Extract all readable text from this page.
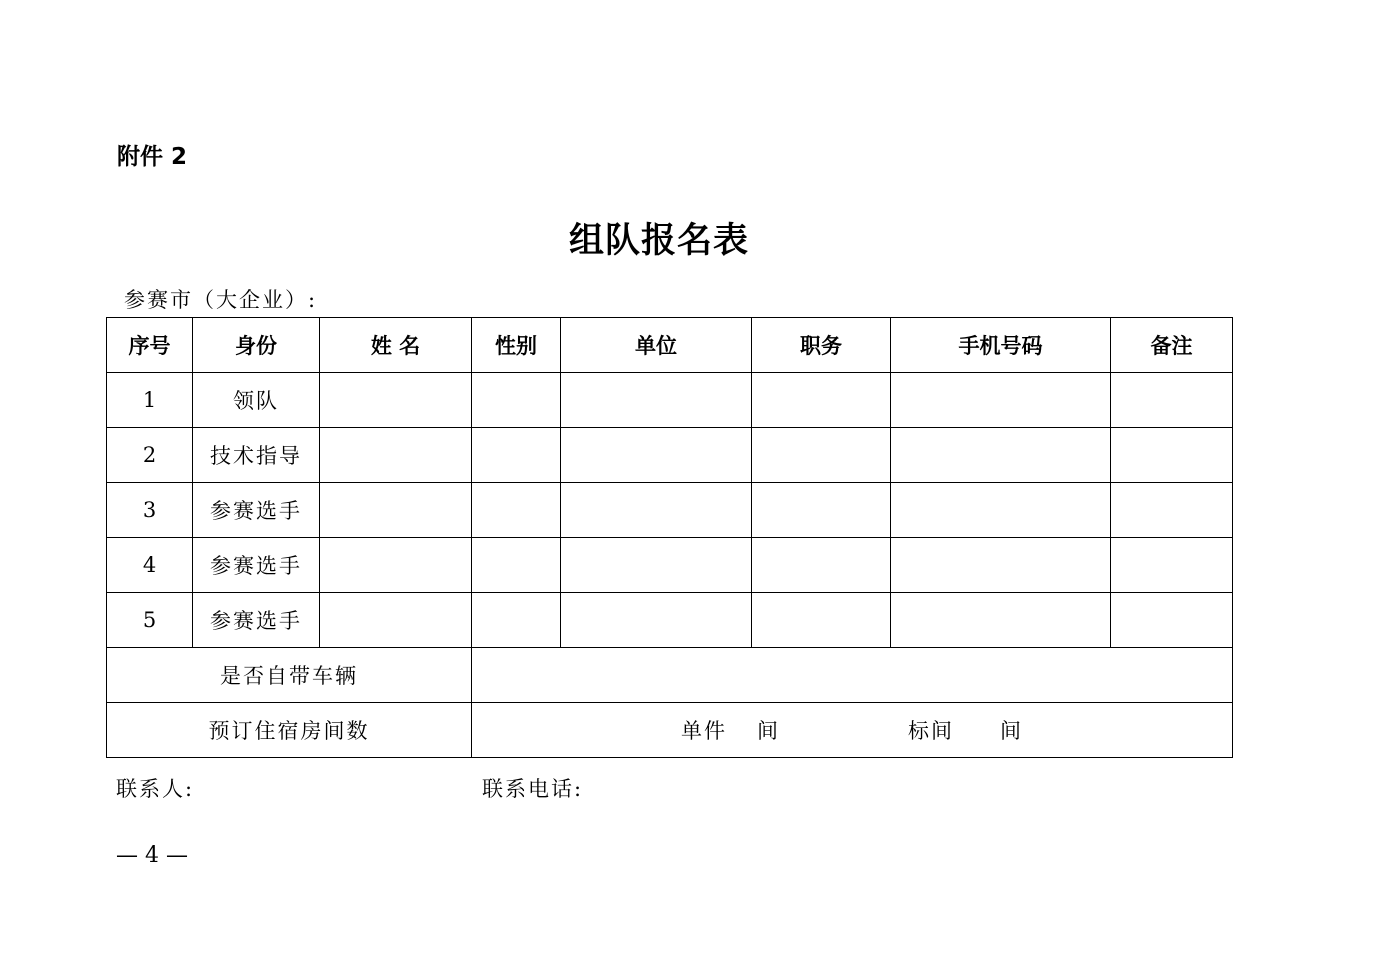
附件 2
组队报名表
参赛市（大企业）:
序号	身份	姓 名	性别	单位	职务	手机号码	备注
1	领队						
2	技术指导						
3	参赛选手						
4	参赛选手						
5	参赛选手						
是否自带车辆							
预订住宿房间数			单件 间 标间 间				
联系人:	联系电话:
— 4 —
